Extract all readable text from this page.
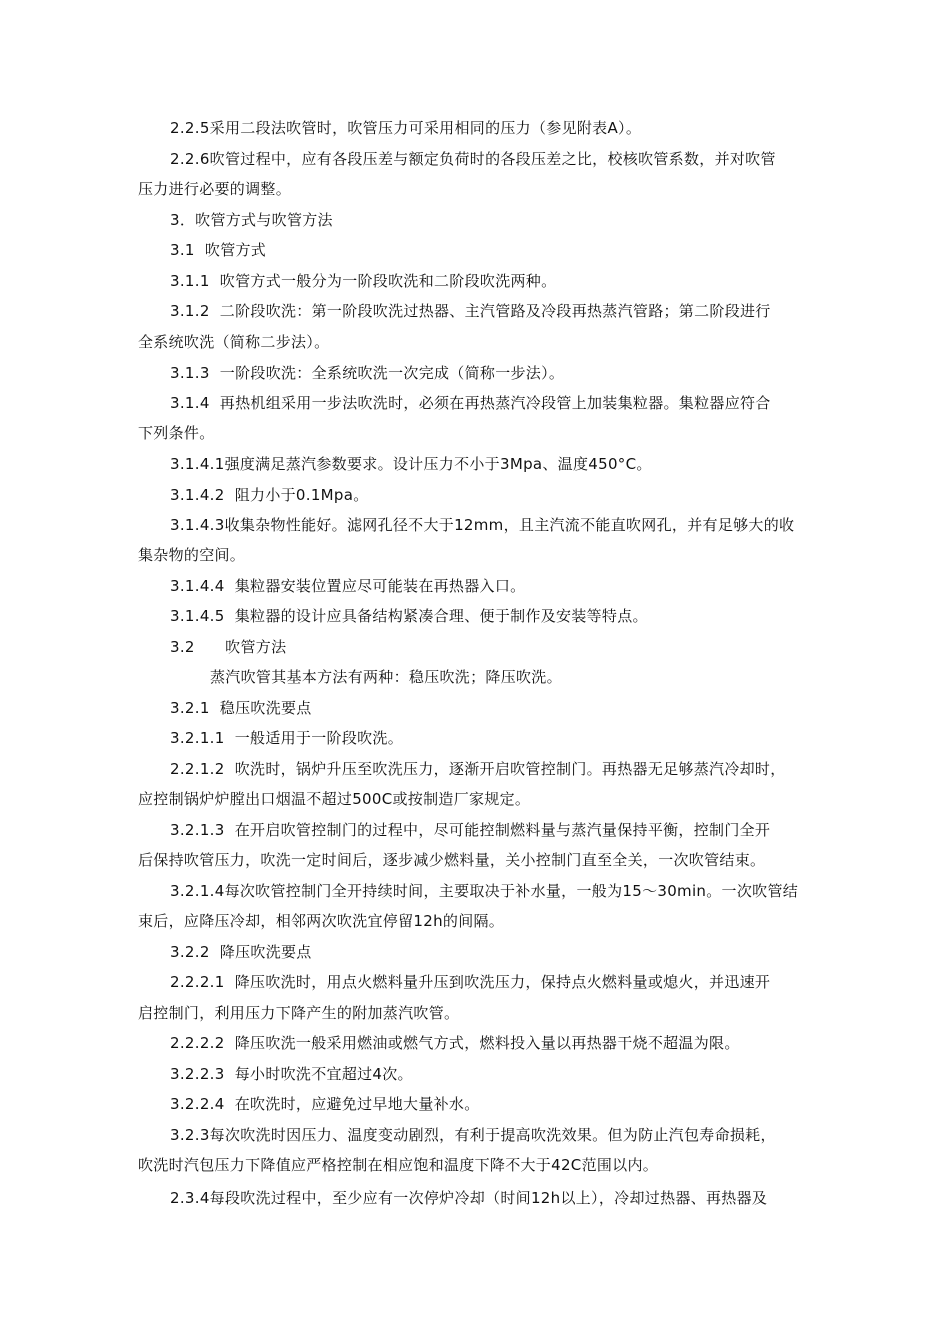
2.2.5采用二段法吹管时，吹管压力可采用相同的压力（参见附表A）。
2.2.6吹管过程中，应有各段压差与额定负荷时的各段压差之比，校核吹管系数，并对吹管
压力进行必要的调整。
3．吹管方式与吹管方法
3.1  吹管方式
3.1.1  吹管方式一般分为一阶段吹洗和二阶段吹洗两种。
3.1.2  二阶段吹洗：第一阶段吹洗过热器、主汽管路及冷段再热蒸汽管路；第二阶段进行
全系统吹洗（简称二步法）。
3.1.3  一阶段吹洗：全系统吹洗一次完成（简称一步法）。
3.1.4  再热机组采用一步法吹洗时，必须在再热蒸汽冷段管上加装集粒器。集粒器应符合
下列条件。
3.1.4.1强度满足蒸汽参数要求。设计压力不小于3Mpa、温度450°C。
3.1.4.2  阻力小于0.1Mpa。
3.1.4.3收集杂物性能好。滤网孔径不大于12mm，且主汽流不能直吹网孔，并有足够大的收
集杂物的空间。
3.1.4.4  集粒器安装位置应尽可能装在再热器入口。
3.1.4.5  集粒器的设计应具备结构紧凑合理、便于制作及安装等特点。
3.2      吹管方法
蒸汽吹管其基本方法有两种：稳压吹洗；降压吹洗。
3.2.1  稳压吹洗要点
3.2.1.1  一般适用于一阶段吹洗。
2.2.1.2  吹洗时，锅炉升压至吹洗压力，逐渐开启吹管控制门。再热器无足够蒸汽冷却时，
应控制锅炉炉膛出口烟温不超过500C或按制造厂家规定。
3.2.1.3  在开启吹管控制门的过程中，尽可能控制燃料量与蒸汽量保持平衡，控制门全开
后保持吹管压力，吹洗一定时间后，逐步减少燃料量，关小控制门直至全关，一次吹管结束。
3.2.1.4每次吹管控制门全开持续时间，主要取决于补水量，一般为15～30min。一次吹管结
束后，应降压冷却，相邻两次吹洗宜停留12h的间隔。
3.2.2  降压吹洗要点
2.2.2.1  降压吹洗时，用点火燃料量升压到吹洗压力，保持点火燃料量或熄火，并迅速开
启控制门，利用压力下降产生的附加蒸汽吹管。
2.2.2.2  降压吹洗一般采用燃油或燃气方式，燃料投入量以再热器干烧不超温为限。
3.2.2.3  每小时吹洗不宜超过4次。
3.2.2.4  在吹洗时，应避免过早地大量补水。
3.2.3每次吹洗时因压力、温度变动剧烈，有利于提高吹洗效果。但为防止汽包寿命损耗，
吹洗时汽包压力下降值应严格控制在相应饱和温度下降不大于42C范围以内。
2.3.4每段吹洗过程中，至少应有一次停炉冷却（时间12h以上），冷却过热器、再热器及
